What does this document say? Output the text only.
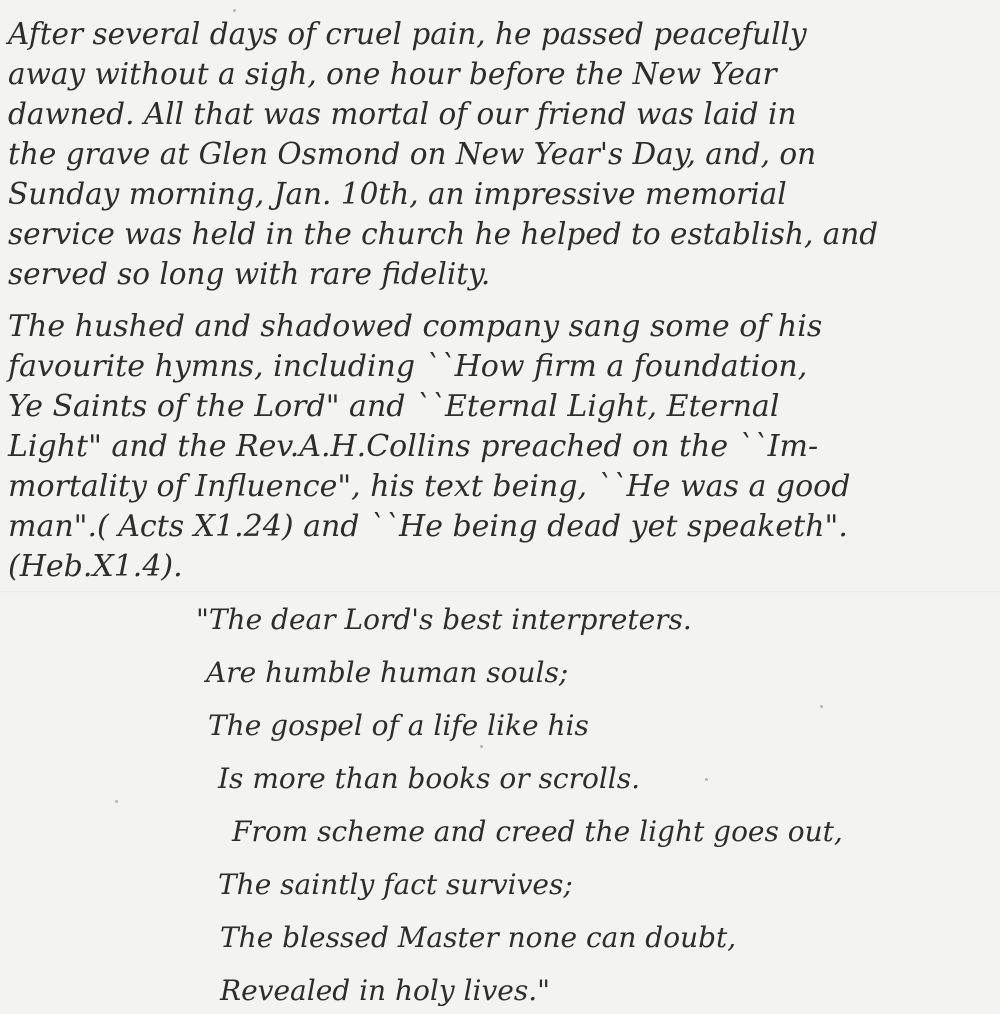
After several days of cruel pain, he passed peacefully
away without a sigh, one hour before the New Year
dawned. All that was mortal of our friend was laid in
the grave at Glen Osmond on New Year's Day, and, on
Sunday morning, Jan. 10th, an impressive memorial
service was held in the church he helped to establish, and
served so long with rare fidelity.
The hushed and shadowed company sang some of his
favourite hymns, including ``How firm a foundation,
Ye Saints of the Lord" and ``Eternal Light, Eternal
Light" and the Rev.A.H.Collins preached on the ``Im-
mortality of Influence", his text being, ``He was a good
man".( Acts X1.24) and ``He being dead yet speaketh".
(Heb.X1.4).
"The dear Lord's best interpreters.
Are humble human souls;
The gospel of a life like his
Is more than books or scrolls.
From scheme and creed the light goes out,
The saintly fact survives;
The blessed Master none can doubt,
Revealed in holy lives."
